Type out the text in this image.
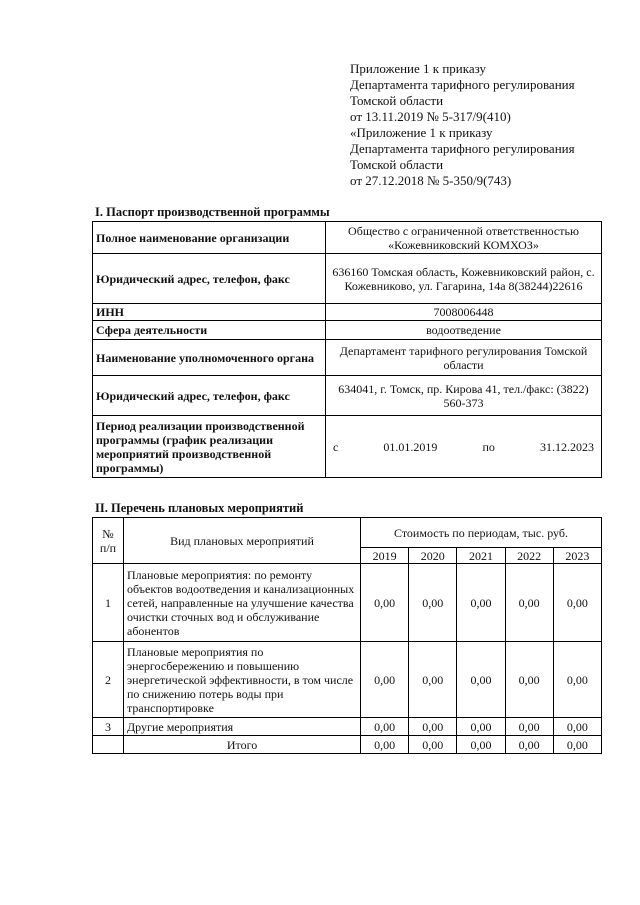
Приложение 1 к приказу
Департамента тарифного регулирования
Томской области
от 13.11.2019 № 5-317/9(410)
«Приложение 1 к приказу
Департамента тарифного регулирования
Томской области
от 27.12.2018 № 5-350/9(743)
I. Паспорт производственной программы
Полное наименование организации	Общество с ограниченной ответственностью «Кожевниковский КОМХОЗ»
Юридический адрес, телефон, факс	636160 Томская область, Кожевниковский район, с. Кожевниково, ул. Гагарина, 14а 8(38244)22616
ИНН	7008006448
Сфера деятельности	водоотведение
Наименование уполномоченного органа	Департамент тарифного регулирования Томской области
Юридический адрес, телефон, факс	634041, г. Томск, пр. Кирова 41, тел./факс: (3822) 560-373
Период реализации производственной программы (график реализации мероприятий производственной программы)	с 01.01.2019 по 31.12.2023
II. Перечень плановых мероприятий
№ п/п	Вид плановых мероприятий	Стоимость по периодам, тыс. руб.				
		2019	2020	2021	2022	2023
1	Плановые мероприятия: по ремонту объектов водоотведения и канализационных сетей, направленные на улучшение качества очистки сточных вод и обслуживание абонентов	0,00	0,00	0,00	0,00	0,00
2	Плановые мероприятия по энергосбережению и повышению энергетической эффективности, в том числе по снижению потерь воды при транспортировке	0,00	0,00	0,00	0,00	0,00
3	Другие мероприятия	0,00	0,00	0,00	0,00	0,00
	Итого	0,00	0,00	0,00	0,00	0,00
